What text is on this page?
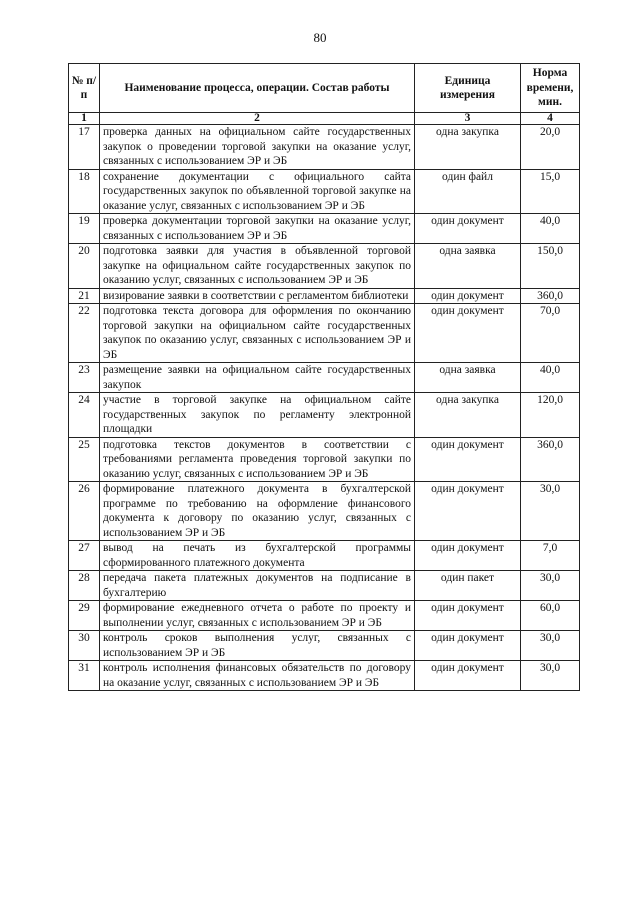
80
№ п/п	Наименование процесса, операции. Состав работы	Единица измерения	Норма времени, мин.
1	2	3	4
17	проверка данных на официальном сайте государственных закупок о проведении торговой закупки на оказание услуг, связанных с использованием ЭР и ЭБ	одна закупка	20,0
18	сохранение документации с официального сайта государственных закупок по объявленной торговой закупке на оказание услуг, связанных с использованием ЭР и ЭБ	один файл	15,0
19	проверка документации торговой закупки на оказание услуг, связанных с использованием ЭР и ЭБ	один документ	40,0
20	подготовка заявки для участия в объявленной торговой закупке на официальном сайте государственных закупок по оказанию услуг, связанных с использованием ЭР и ЭБ	одна заявка	150,0
21	визирование заявки в соответствии с регламентом библиотеки	один документ	360,0
22	подготовка текста договора для оформления по окончанию торговой закупки на официальном сайте государственных закупок по оказанию услуг, связанных с использованием ЭР и ЭБ	один документ	70,0
23	размещение заявки на официальном сайте государственных закупок	одна заявка	40,0
24	участие в торговой закупке на официальном сайте государственных закупок по регламенту электронной площадки	одна закупка	120,0
25	подготовка текстов документов в соответствии с требованиями регламента проведения торговой закупки по оказанию услуг, связанных с использованием ЭР и ЭБ	один документ	360,0
26	формирование платежного документа в бухгалтерской программе по требованию на оформление финансового документа к договору по оказанию услуг, связанных с использованием ЭР и ЭБ	один документ	30,0
27	вывод на печать из бухгалтерской программы сформированного платежного документа	один документ	7,0
28	передача пакета платежных документов на подписание в бухгалтерию	один пакет	30,0
29	формирование ежедневного отчета о работе по проекту и выполнении услуг, связанных с использованием ЭР и ЭБ	один документ	60,0
30	контроль сроков выполнения услуг, связанных с использованием ЭР и ЭБ	один документ	30,0
31	контроль исполнения финансовых обязательств по договору на оказание услуг, связанных с использованием ЭР и ЭБ	один документ	30,0
